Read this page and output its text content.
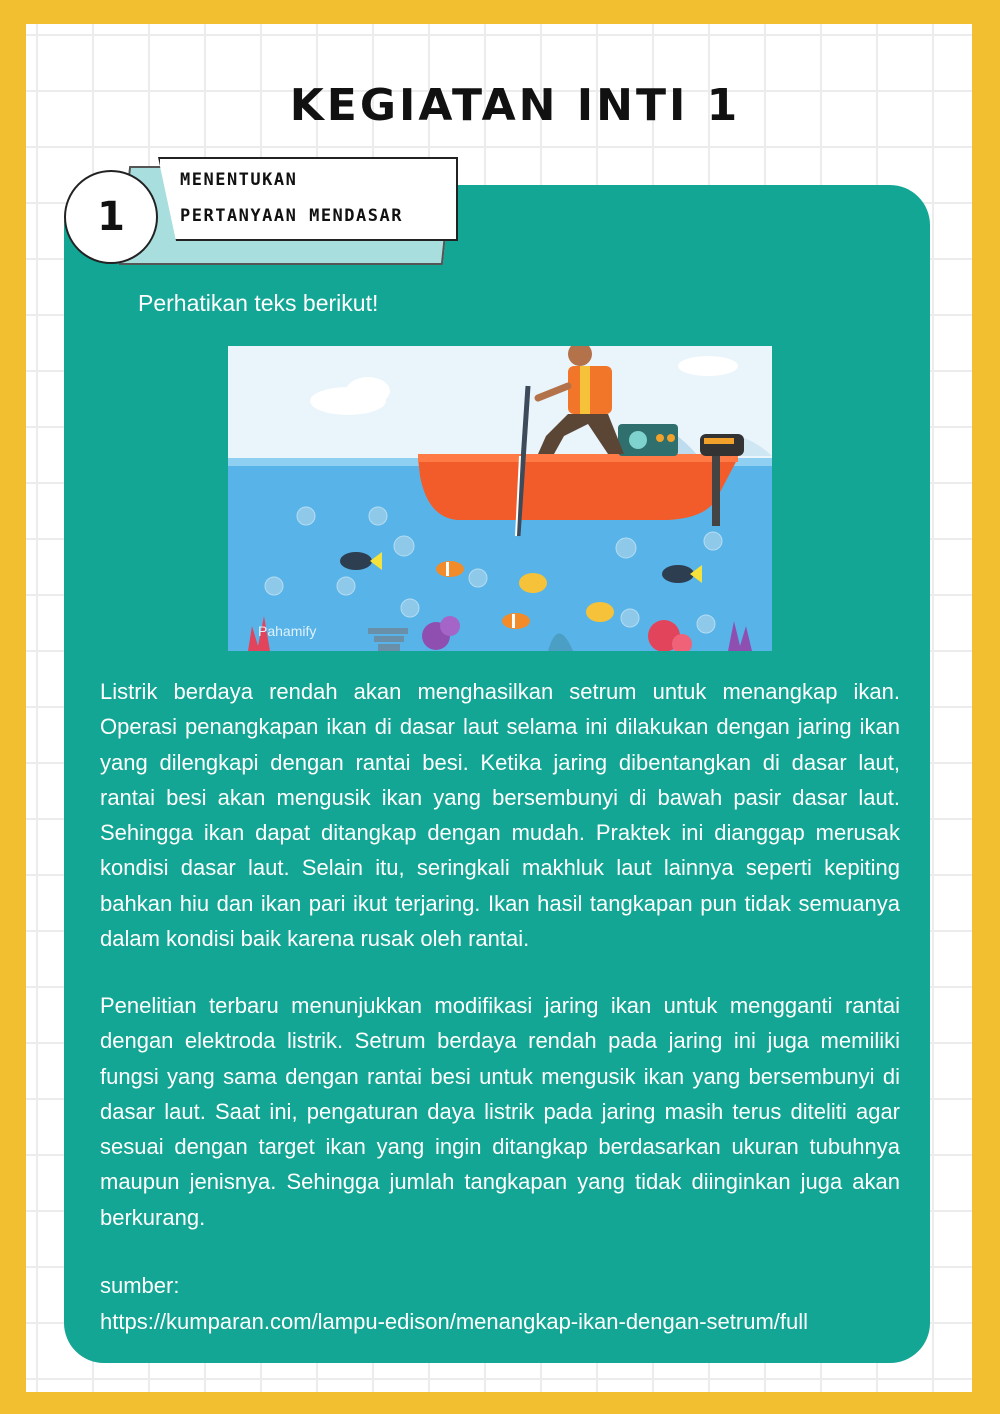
KEGIATAN INTI 1
MENENTUKAN
PERTANYAAN MENDASAR
1
Perhatikan teks berikut!
Pahamify

Listrik berdaya rendah akan menghasilkan setrum untuk menangkap ikan. Operasi penangkapan ikan di dasar laut selama ini dilakukan dengan jaring ikan yang dilengkapi dengan rantai besi. Ketika jaring dibentangkan di dasar laut, rantai besi akan mengusik ikan yang bersembunyi di bawah pasir dasar laut. Sehingga ikan dapat ditangkap dengan mudah. Praktek ini dianggap merusak kondisi dasar laut. Selain itu, seringkali makhluk laut lainnya seperti kepiting bahkan hiu dan ikan pari ikut terjaring. Ikan hasil tangkapan pun tidak semuanya dalam kondisi baik karena rusak oleh rantai.

Penelitian terbaru menunjukkan modifikasi jaring ikan untuk mengganti rantai dengan elektroda listrik. Setrum berdaya rendah pada jaring ini juga memiliki fungsi yang sama dengan rantai besi untuk mengusik ikan yang bersembunyi di dasar laut. Saat ini, pengaturan daya listrik pada jaring masih terus diteliti agar sesuai dengan target ikan yang ingin ditangkap berdasarkan ukuran tubuhnya maupun jenisnya. Sehingga jumlah tangkapan yang tidak diinginkan juga akan berkurang.

sumber:
https://kumparan.com/lampu-edison/menangkap-ikan-dengan-setrum/full
